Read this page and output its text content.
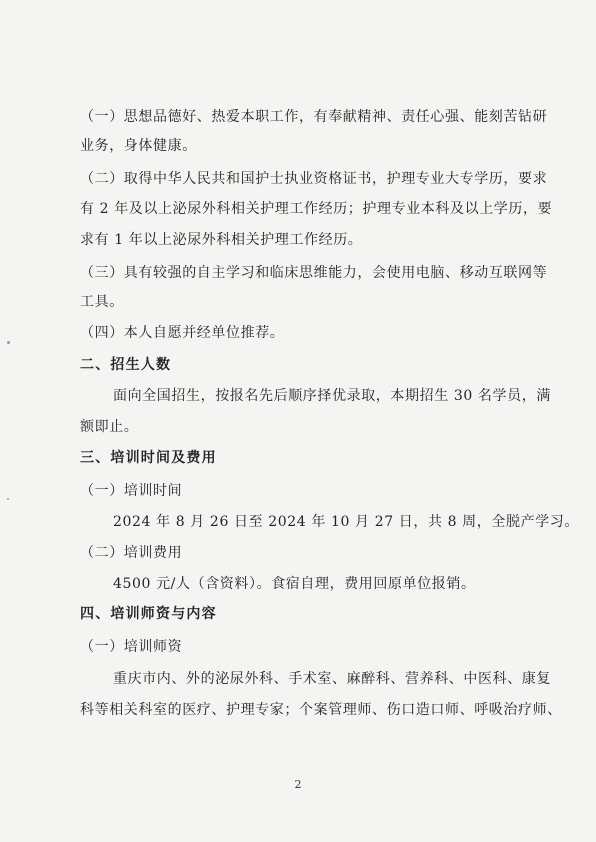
（一）思想品德好、热爱本职工作，有奉献精神、责任心强、能刻苦钻研
业务，身体健康。
（二）取得中华人民共和国护士执业资格证书，护理专业大专学历，要求
有 2 年及以上泌尿外科相关护理工作经历；护理专业本科及以上学历，要
求有 1 年以上泌尿外科相关护理工作经历。
（三）具有较强的自主学习和临床思维能力，会使用电脑、移动互联网等
工具。
（四）本人自愿并经单位推荐。
二、招生人数
面向全国招生，按报名先后顺序择优录取，本期招生 30 名学员，满
额即止。
三、培训时间及费用
（一）培训时间
2024 年 8 月 26 日至 2024 年 10 月 27 日，共 8 周，全脱产学习。
（二）培训费用
4500 元/人（含资料）。食宿自理，费用回原单位报销。
四、培训师资与内容
（一）培训师资
重庆市内、外的泌尿外科、手术室、麻醉科、营养科、中医科、康复
科等相关科室的医疗、护理专家；个案管理师、伤口造口师、呼吸治疗师、
2
